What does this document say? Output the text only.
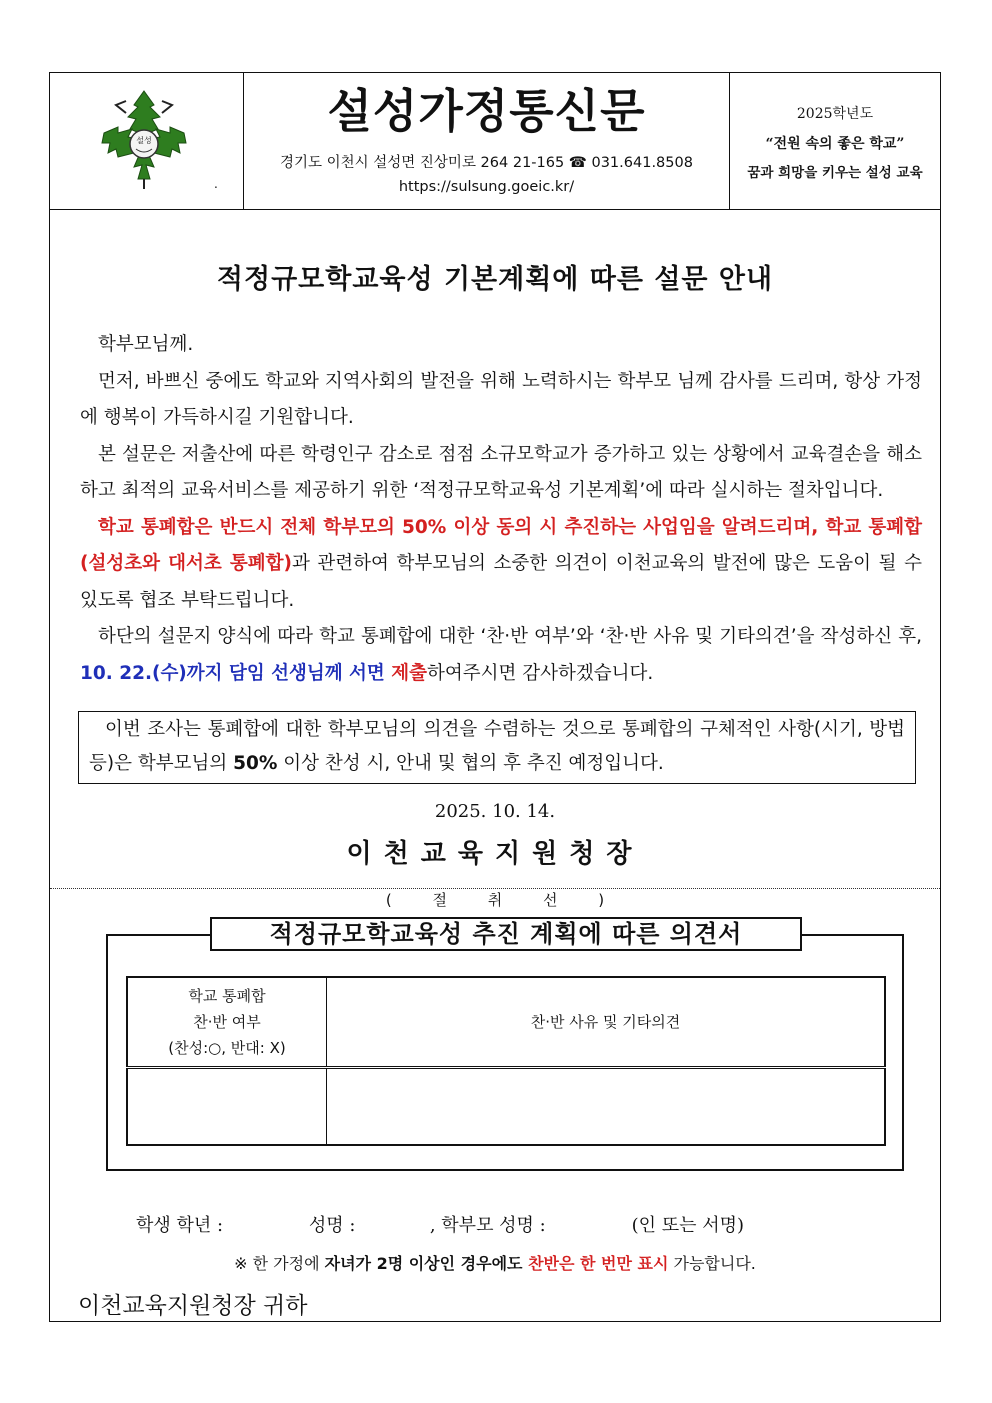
설성
.
설성가정통신문
경기도 이천시 설성면 진상미로 264 21-165 ☎ 031.641.8508
https://sulsung.goeic.kr/
2025학년도
“전원 속의 좋은 학교”
꿈과 희망을 키우는 설성 교육
적정규모학교육성 기본계획에 따른 설문 안내

학부모님께.

먼저, 바쁘신 중에도 학교와 지역사회의 발전을 위해 노력하시는 학부모 님께 감사를 드리며, 항상 가정에 행복이 가득하시길 기원합니다.

본 설문은 저출산에 따른 학령인구 감소로 점점 소규모학교가 증가하고 있는 상황에서 교육결손을 해소하고 최적의 교육서비스를 제공하기 위한 ‘적정규모학교육성 기본계획’에 따라 실시하는 절차입니다.

학교 통폐합은 반드시 전체 학부모의 50% 이상 동의 시 추진하는 사업임을 알려드리며, 학교 통폐합(설성초와 대서초 통폐합)과 관련하여 학부모님의 소중한 의견이 이천교육의 발전에 많은 도움이 될 수 있도록 협조 부탁드립니다.

하단의 설문지 양식에 따라 학교 통폐합에 대한 ‘찬·반 여부’와 ‘찬·반 사유 및 기타의견’을 작성하신 후, 10. 22.(수)까지 담임 선생님께 서면 제출하여주시면 감사하겠습니다.

이번 조사는 통폐합에 대한 학부모님의 의견을 수렴하는 것으로 통폐합의 구체적인 사항(시기, 방법 등)은 학부모님의 50% 이상 찬성 시, 안내 및 협의 후 추진 예정입니다.

2025. 10. 14.
이천교육지원청장
( 절 취 선 )
적정규모학교육성 추진 계획에 따른 의견서
학교 통폐합
찬·반 여부
(찬성:○, 반대: X)	찬·반 사유 및 기타의견

학생 학년 :	성명 :	, 학부모 성명 :	(인 또는 서명)
※ 한 가정에 자녀가 2명 이상인 경우에도 찬반은 한 번만 표시 가능합니다.
이천교육지원청장 귀하
